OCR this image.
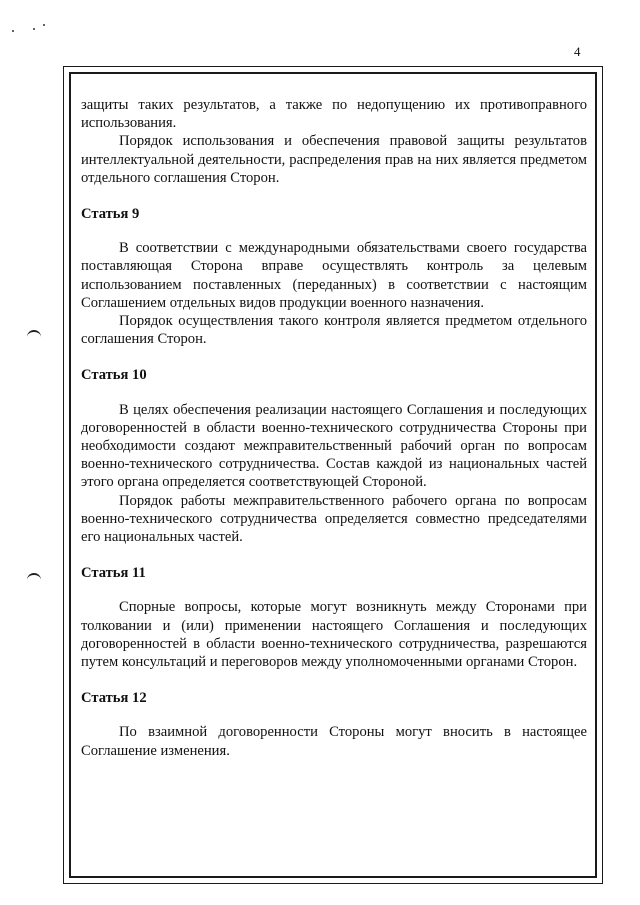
4

защиты таких результатов, а также по недопущению их противоправного использования.

Порядок использования и обеспечения правовой защиты результатов интеллектуальной деятельности, распределения прав на них является предметом отдельного соглашения Сторон.

Статья 9

В соответствии с международными обязательствами своего государства поставляющая Сторона вправе осуществлять контроль за целевым использованием поставленных (переданных) в соответствии с настоящим Соглашением отдельных видов продукции военного назначения.

Порядок осуществления такого контроля является предметом отдельного соглашения Сторон.

Статья 10

В целях обеспечения реализации настоящего Соглашения и последующих договоренностей в области военно-технического сотрудничества Стороны при необходимости создают межправительственный рабочий орган по вопросам военно-технического сотрудничества. Состав каждой из национальных частей этого органа определяется соответствующей Стороной.

Порядок работы межправительственного рабочего органа по вопросам военно-технического сотрудничества определяется совместно председателями его национальных частей.

Статья 11

Спорные вопросы, которые могут возникнуть между Сторонами при толковании и (или) применении настоящего Соглашения и последующих договоренностей в области военно-технического сотрудничества, разрешаются путем консультаций и переговоров между уполномоченными органами Сторон.

Статья 12

По взаимной договоренности Стороны могут вносить в настоящее Соглашение изменения.
